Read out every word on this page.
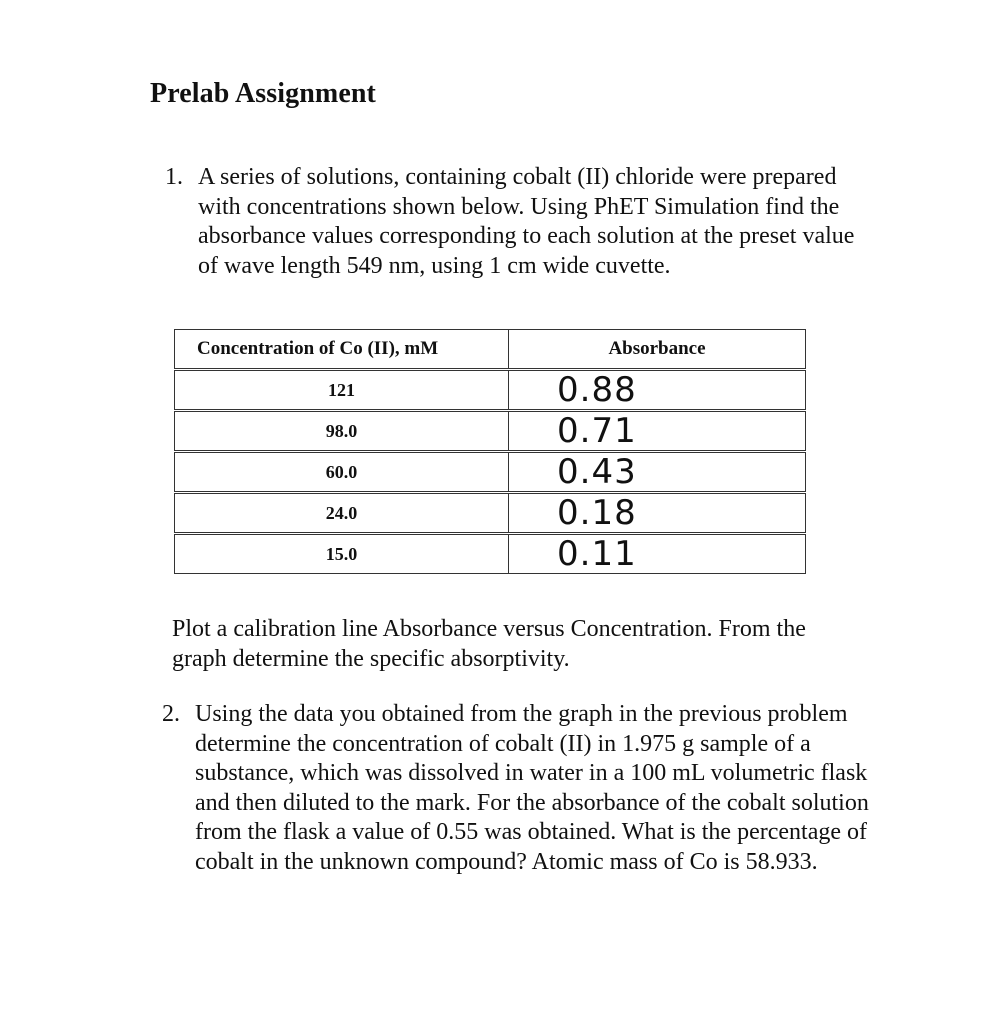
Prelab Assignment
1. A series of solutions, containing cobalt (II) chloride were prepared with concentrations shown below. Using PhET Simulation find the absorbance values corresponding to each solution at the preset value of wave length 549 nm, using 1 cm wide cuvette.
Concentration of Co (II), mM	Absorbance
121	0.88
98.0	0.71
60.0	0.43
24.0	0.18
15.0	0.11

Plot a calibration line Absorbance versus Concentration. From the graph determine the specific absorptivity.

2. Using the data you obtained from the graph in the previous problem determine the concentration of cobalt (II) in 1.975 g sample of a substance, which was dissolved in water in a 100 mL volumetric flask and then diluted to the mark. For the absorbance of the cobalt solution from the flask a value of 0.55 was obtained. What is the percentage of cobalt in the unknown compound? Atomic mass of Co is 58.933.
